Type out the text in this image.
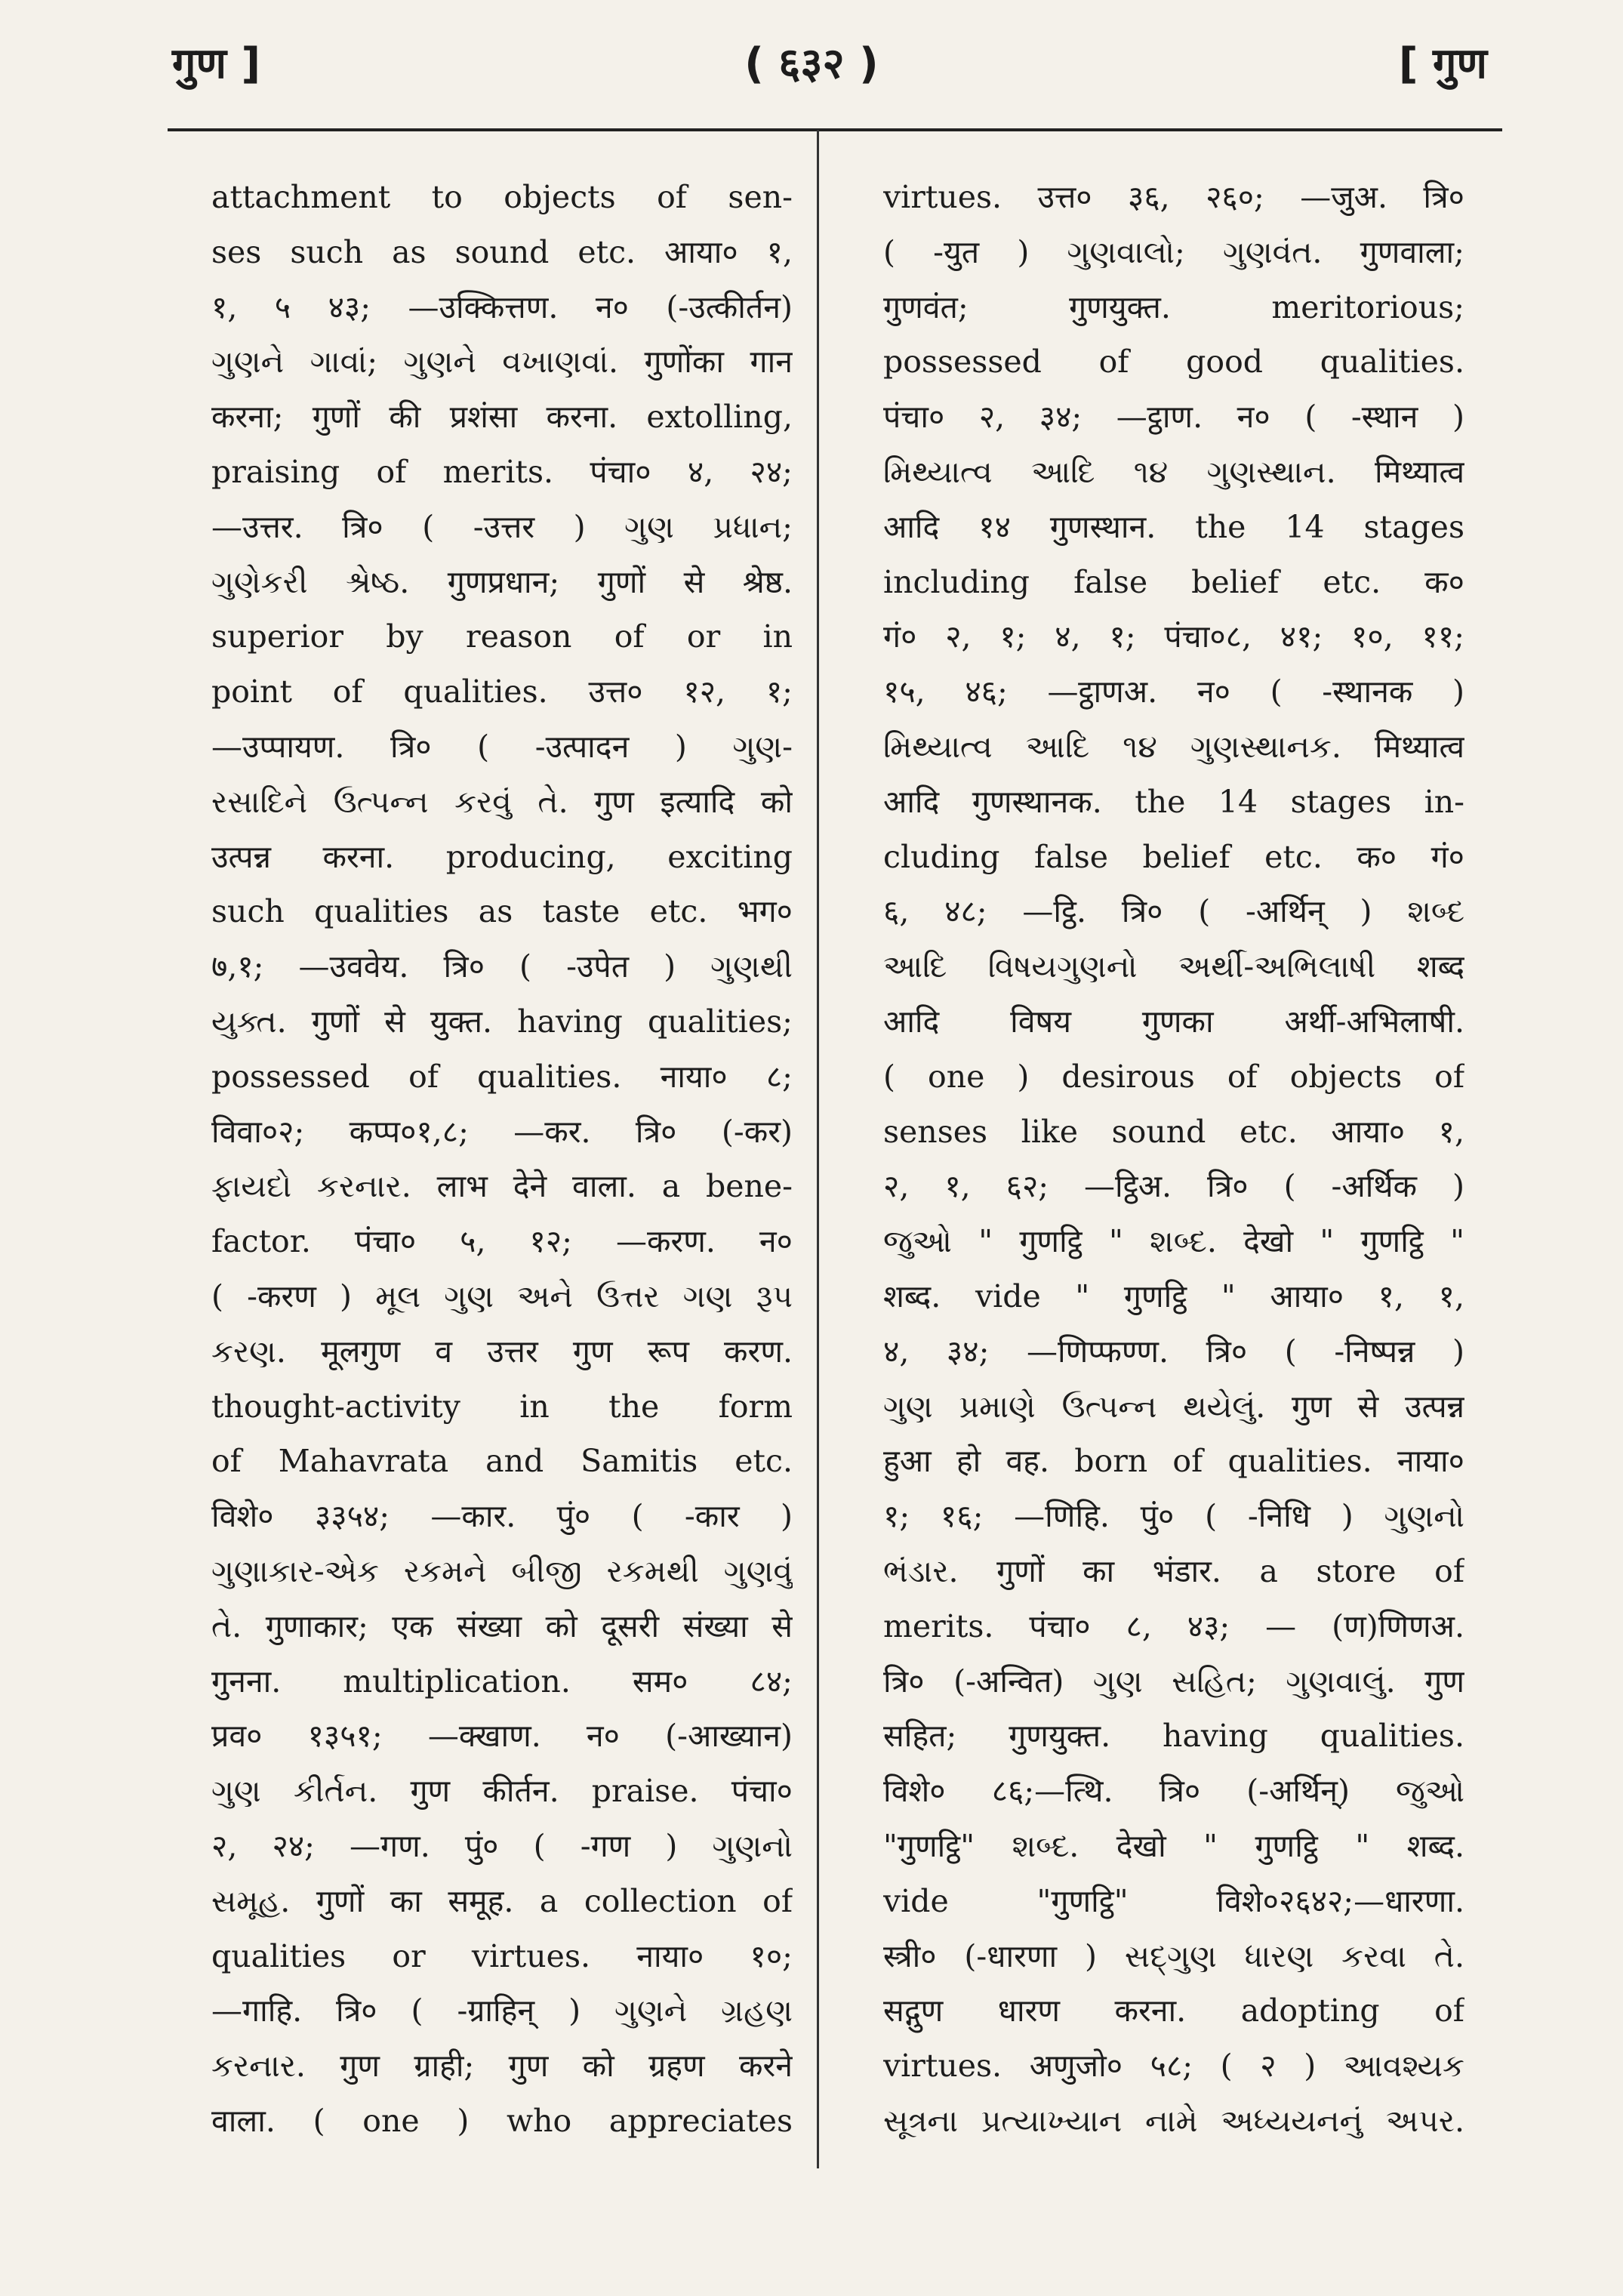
गुण ]	( ६३२ )	[ गुण
attachment to objects of sen-
ses such as sound etc. आया० १,
१, ५ ४३; —उक्कित्तण. न० (-उत्कीर्तन)
ગુણને ગાવાં; ગુણને વખાણવાં. गुणोंका गान
करना; गुणों की प्रशंसा करना. extolling,
praising of merits. पंचा० ४, २४;
—उत्तर. त्रि० ( -उत्तर ) ગુણ પ્રધાન;
ગુણેકરી શ્રેષ્ઠ. गुणप्रधान; गुणों से श्रेष्ठ.
superior by reason of or in
point of qualities. उत्त० १२, १;
—उप्पायण. त्रि० ( -उत्पादन ) ગુણ-
રસાદિને ઉત્પન્ન કરવું તે. गुण इत्यादि को
उत्पन्न करना. producing, exciting
such qualities as taste etc. भग०
७,१; —उववेय. त्रि० ( -उपेत ) ગુણથી
યુક્ત. गुणों से युक्त. having qualities;
possessed of qualities. नाया० ८;
विवा०२; कप्प०१,८; —कर. त्रि० (-कर)
ફાયદો કરનાર. लाभ देने वाला. a bene-
factor. पंचा० ५, १२; —करण. न०
( -करण ) મૂલ ગુણ અને ઉત્તર ગણ રૂપ
કરણ. मूलगुण व उत्तर गुण रूप करण.
thought-activity in the form
of Mahavrata and Samitis etc.
विशे० ३३५४; —कार. पुं० ( -कार )
ગુણાકાર-એક રકમને બીજી રકમથી ગુણવું
તે. गुणाकार; एक संख्या को दूसरी संख्या से
गुनना. multiplication. सम० ८४;
प्रव० १३५१; —क्खाण. न० (-आख्यान)
ગુણ કીર્તન. गुण कीर्तन. praise. पंचा०
२, २४; —गण. पुं० ( -गण ) ગુણનો
સમૂહ. गुणों का समूह. a collection of
qualities or virtues. नाया० १०;
—गाहि. त्रि० ( -ग्राहिन् ) ગુણને ગ્રહણ
કરનાર. गुण ग्राही; गुण को ग्रहण करने
वाला. ( one ) who appreciates
virtues. उत्त० ३६, २६०; —जुअ. त्रि०
( -युत ) ગુણવાલો; ગુણવંત. गुणवाला;
गुणवंत; गुणयुक्त. meritorious;
possessed of good qualities.
पंचा० २, ३४; —ट्ठाण. न० ( -स्थान )
મિથ્યાત્વ આદિ ૧૪ ગુણસ્થાન. मिथ्यात्व
आदि १४ गुणस्थान. the 14 stages
including false belief etc. क०
गं० २, १; ४, १; पंचा०८, ४१; १०, ११;
१५, ४६; —ट्ठाणअ. न० ( -स्थानक )
મિથ્યાત્વ આદિ ૧૪ ગુણસ્થાનક. मिथ्यात्व
आदि गुणस्थानक. the 14 stages in-
cluding false belief etc. क० गं०
६, ४८; —ट्ठि. त्रि० ( -अर्थिन् ) શબ્દ
આદિ વિષયગુણનો અર્થી-અભિલાષી शब्द
आदि विषय गुणका अर्थी-अभिलाषी.
( one ) desirous of objects of
senses like sound etc. आया० १,
२, १, ६२; —ट्ठिअ. त्रि० ( -अर्थिक )
જુઓ " गुणट्ठि " શબ્દ. देखो " गुणट्ठि "
शब्द. vide " गुणट्ठि " आया० १, १,
४, ३४; —णिप्फण्ण. त्रि० ( -निष्पन्न )
ગુણ પ્રમાણે ઉત્પન્ન થયેલું. गुण से उत्पन्न
हुआ हो वह. born of qualities. नाया०
१; १६; —णिहि. पुं० ( -निधि ) ગુણનો
ભંડાર. गुणों का भंडार. a store of
merits. पंचा० ८, ४३; — (ण)णिणअ.
त्रि० (-अन्वित) ગુણ સહિત; ગુણવાલું. गुण
सहित; गुणयुक्त. having qualities.
विशे० ८६;—त्थि. त्रि० (-अर्थिन्) જુઓ
"गुणट्ठि" શબ્દ. देखो " गुणट्ठि " शब्द.
vide "गुणट्ठि" विशे०२६४२;—धारणा.
स्त्री० (-धारणा ) સદ્ગુણ ધારણ કરવા તે.
सद्गुण धारण करना. adopting of
virtues. अणुजो० ५८; ( २ ) આવશ્યક
સૂત્રના પ્રત્યાખ્યાન નામે અધ્યયનનું અપર.
